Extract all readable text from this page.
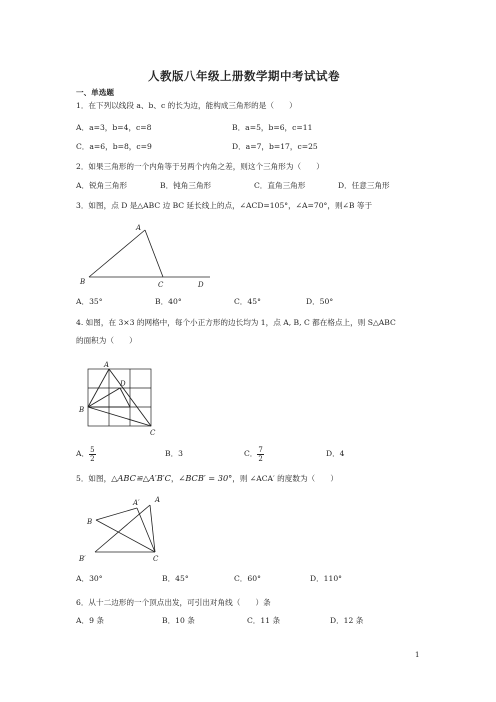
人教版八年级上册数学期中考试试卷
一、单选题
1．在下列以线段 a、b、c 的长为边，能构成三角形的是（　　）
A．a=3，b=4，c=8	B．a=5，b=6，c=11
C．a=6，b=8，c=9	D．a=7，b=17，c=25
2．如果三角形的一个内角等于另两个内角之差，则这个三角形为（　　）
A．锐角三角形	B．钝角三角形	C．直角三角形	D．任意三角形
3．如图，点 D 是△ABC 边 BC 延长线上的点，∠ACD=105°，∠A=70°，则∠B 等于
A
B	C	D
A．35°	B．40°	C．45°	D．50°
4. 如图，在 3×3 的网格中，每个小正方形的边长均为 1，点 A, B, C 都在格点上，则 S△ABC
的面积为（　　）
A
B
C
D
A． $\frac{5}{2}$	B．3	C． $\frac{7}{2}$	D．4
5．如图，△ABC≌△A′B′C，∠BCB′ = 30°，则 ∠ACA′ 的度数为（　　）
A′ A
B
B′	C
A．30°	B．45°	C．60°	D．110°
6．从十二边形的一个顶点出发，可引出对角线（　　）条
A．9 条	B．10 条	C．11 条	D．12 条
1
